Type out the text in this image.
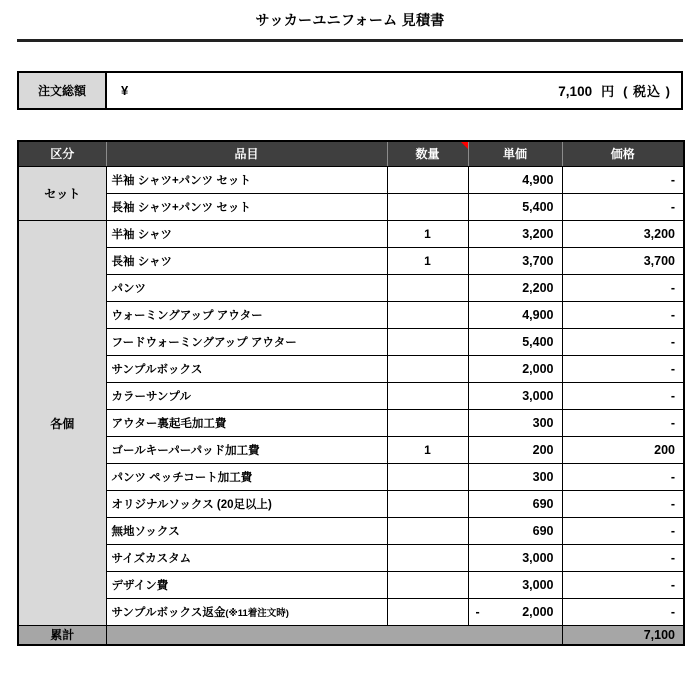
サッカーユニフォーム 見積書
注文総額	¥	7,100 円 ( 税込 )
区分	品目	数量	単価	価格
セット	半袖 シャツ+パンツ セット		4,900	-
	長袖 シャツ+パンツ セット		5,400	-
各個	半袖 シャツ	1	3,200	3,200
	長袖 シャツ	1	3,700	3,700
	パンツ		2,200	-
	ウォーミングアップ アウター		4,900	-
	フードウォーミングアップ アウター		5,400	-
	サンプルボックス		2,000	-
	カラーサンプル		3,000	-
	アウター裏起毛加工費		300	-
	ゴールキーパーパッド加工費	1	200	200
	パンツ ペッチコート加工費		300	-
	オリジナルソックス (20足以上)		690	-
	無地ソックス		690	-
	サイズカスタム		3,000	-
	デザイン費		3,000	-
	サンプルボックス返金(※11着注文時)		- 2,000	-
累計				7,100
